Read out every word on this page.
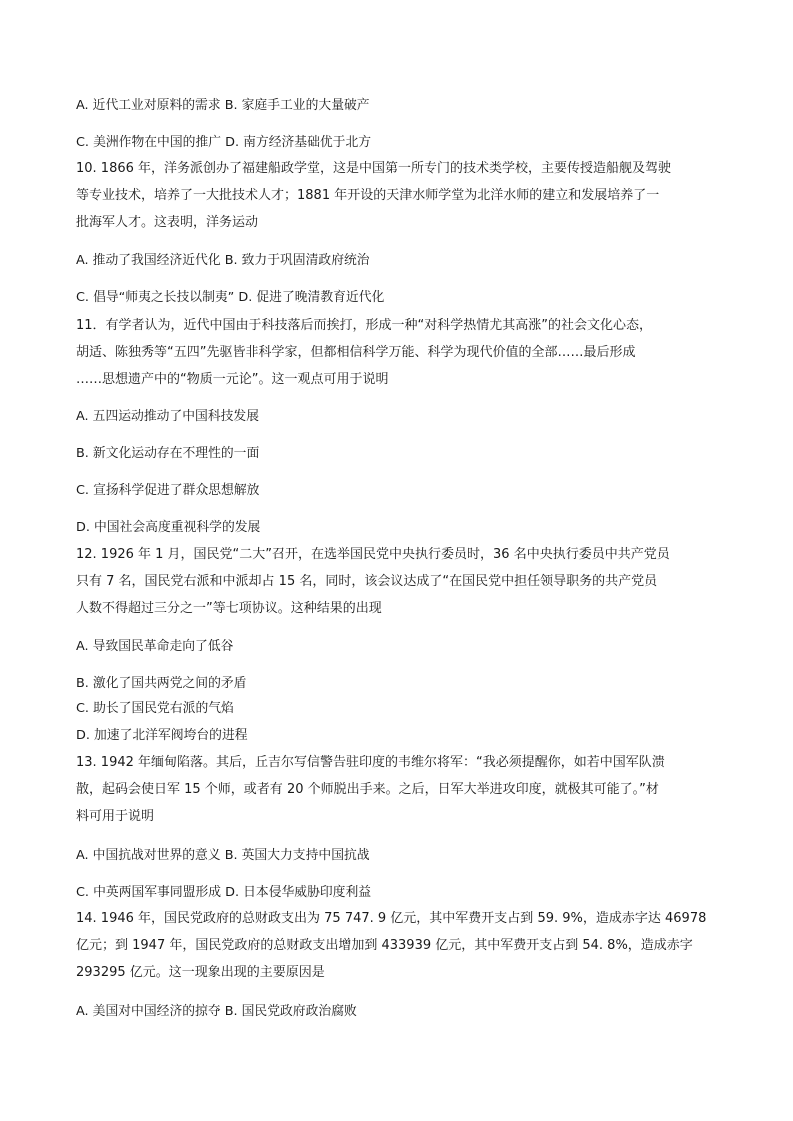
A. 近代工业对原料的需求 B. 家庭手工业的大量破产
C. 美洲作物在中国的推广 D. 南方经济基础优于北方
10. 1866 年，洋务派创办了福建船政学堂，这是中国第一所专门的技术类学校，主要传授造船舰及驾驶
等专业技术，培养了一大批技术人才；1881 年开设的天津水师学堂为北洋水师的建立和发展培养了一
批海军人才。这表明，洋务运动
A. 推动了我国经济近代化 B. 致力于巩固清政府统治
C. 倡导“师夷之长技以制夷” D. 促进了晚清教育近代化
11．有学者认为，近代中国由于科技落后而挨打，形成一种“对科学热情尤其高涨”的社会文化心态，
胡适、陈独秀等“五四”先驱皆非科学家，但都相信科学万能、科学为现代价值的全部……最后形成
……思想遗产中的“物质一元论”。这一观点可用于说明
A. 五四运动推动了中国科技发展
B. 新文化运动存在不理性的一面
C. 宣扬科学促进了群众思想解放
D. 中国社会高度重视科学的发展
12. 1926 年 1 月，国民党“二大”召开，在选举国民党中央执行委员时，36 名中央执行委员中共产党员
只有 7 名，国民党右派和中派却占 15 名，同时，该会议达成了“在国民党中担任领导职务的共产党员
人数不得超过三分之一”等七项协议。这种结果的出现
A. 导致国民革命走向了低谷
B. 激化了国共两党之间的矛盾
C. 助长了国民党右派的气焰
D. 加速了北洋军阀垮台的进程
13. 1942 年缅甸陷落。其后，丘吉尔写信警告驻印度的韦维尔将军：“我必须提醒你，如若中国军队溃
散，起码会使日军 15 个师，或者有 20 个师脱出手来。之后，日军大举进攻印度，就极其可能了。”材
料可用于说明
A. 中国抗战对世界的意义 B. 英国大力支持中国抗战
C. 中英两国军事同盟形成 D. 日本侵华威胁印度利益
14. 1946 年，国民党政府的总财政支出为 75 747. 9 亿元，其中军费开支占到 59. 9%，造成赤字达 46978
亿元；到 1947 年，国民党政府的总财政支出增加到 433939 亿元，其中军费开支占到 54. 8%，造成赤字
293295 亿元。这一现象出现的主要原因是
A. 美国对中国经济的掠夺 B. 国民党政府政治腐败
